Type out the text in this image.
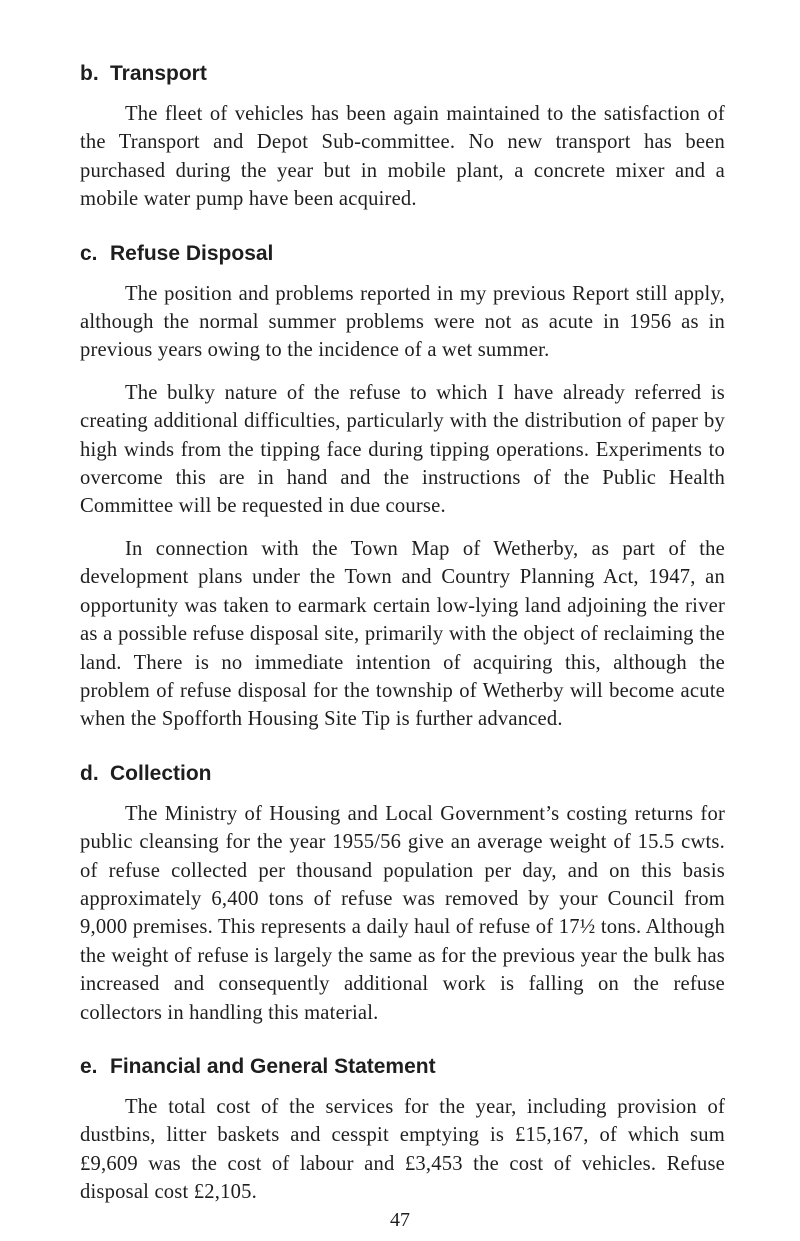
b. Transport

The fleet of vehicles has been again maintained to the satisfaction of the Transport and Depot Sub-committee. No new transport has been purchased during the year but in mobile plant, a concrete mixer and a mobile water pump have been acquired.

c. Refuse Disposal

The position and problems reported in my previous Report still apply, although the normal summer problems were not as acute in 1956 as in previous years owing to the incidence of a wet summer.

The bulky nature of the refuse to which I have already referred is creating additional difficulties, particularly with the distribution of paper by high winds from the tipping face during tipping operations. Experiments to overcome this are in hand and the instructions of the Public Health Committee will be requested in due course.

In connection with the Town Map of Wetherby, as part of the development plans under the Town and Country Planning Act, 1947, an opportunity was taken to earmark certain low-lying land adjoining the river as a possible refuse disposal site, primarily with the object of reclaiming the land. There is no immediate intention of acquiring this, although the problem of refuse disposal for the township of Wetherby will become acute when the Spofforth Housing Site Tip is further advanced.

d. Collection

The Ministry of Housing and Local Government’s costing returns for public cleansing for the year 1955/56 give an average weight of 15.5 cwts. of refuse collected per thousand population per day, and on this basis approximately 6,400 tons of refuse was removed by your Council from 9,000 premises. This represents a daily haul of refuse of 17½ tons. Although the weight of refuse is largely the same as for the previous year the bulk has increased and consequently additional work is falling on the refuse collectors in handling this material.

e. Financial and General Statement

The total cost of the services for the year, including provision of dustbins, litter baskets and cesspit emptying is £15,167, of which sum £9,609 was the cost of labour and £3,453 the cost of vehicles. Refuse disposal cost £2,105.

47
